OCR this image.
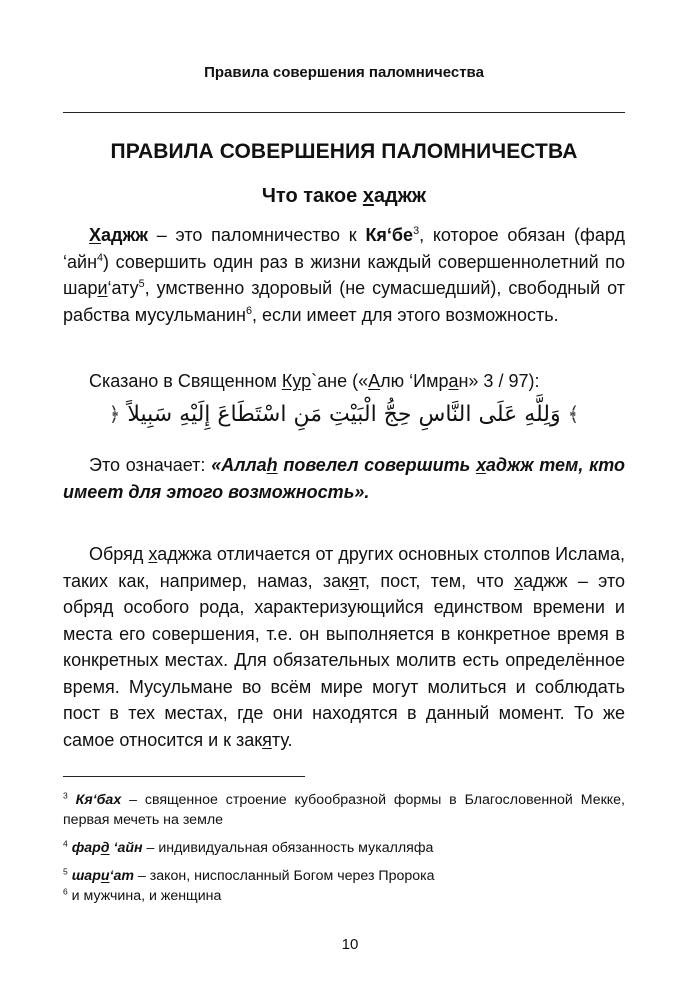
Правила совершения паломничества
ПРАВИЛА СОВЕРШЕНИЯ ПАЛОМНИЧЕСТВА
Что такое хаджж

Хаджж – это паломничество к $Кя‘бе^3$, которое обязан (фард ‘айн$^4$) совершить один раз в жизни каждый совершеннолетний по шари‘ату$^5$, умственно здоровый (не сумасшедший), свободный от рабства мусульманин$^6$, если имеет для этого возможность.

Сказано в Священном Кур`ане («Алю ‘Имран» 3 / 97):

﴾ وَلِلَّهِ عَلَى النَّاسِ حِجُّ الْبَيْتِ مَنِ اسْتَطَاعَ إِلَيْهِ سَبِيلاً ﴿

Это означает: «Аллаh повелел совершить хаджж тем, кто имеет для этого возможность».

Обряд хаджжа отличается от других основных столпов Ислама, таких как, например, намаз, закят, пост, тем, что хаджж – это обряд особого рода, характеризующийся единством времени и места его совершения, т.е. он выполняется в конкретное время в конкретных местах. Для обязательных молитв есть определённое время. Мусульмане во всём мире могут молиться и соблюдать пост в тех местах, где они находятся в данный момент. То же самое относится и к закяту.

$^3$ Кя‘бах – священное строение кубообразной формы в Благословенной Мекке, первая мечеть на земле

$^4$ фард ‘айн – индивидуальная обязанность мукалляфа

$^5$ шари‘ат – закон, ниспосланный Богом через Пророка

$^6$ и мужчина, и женщина

10
